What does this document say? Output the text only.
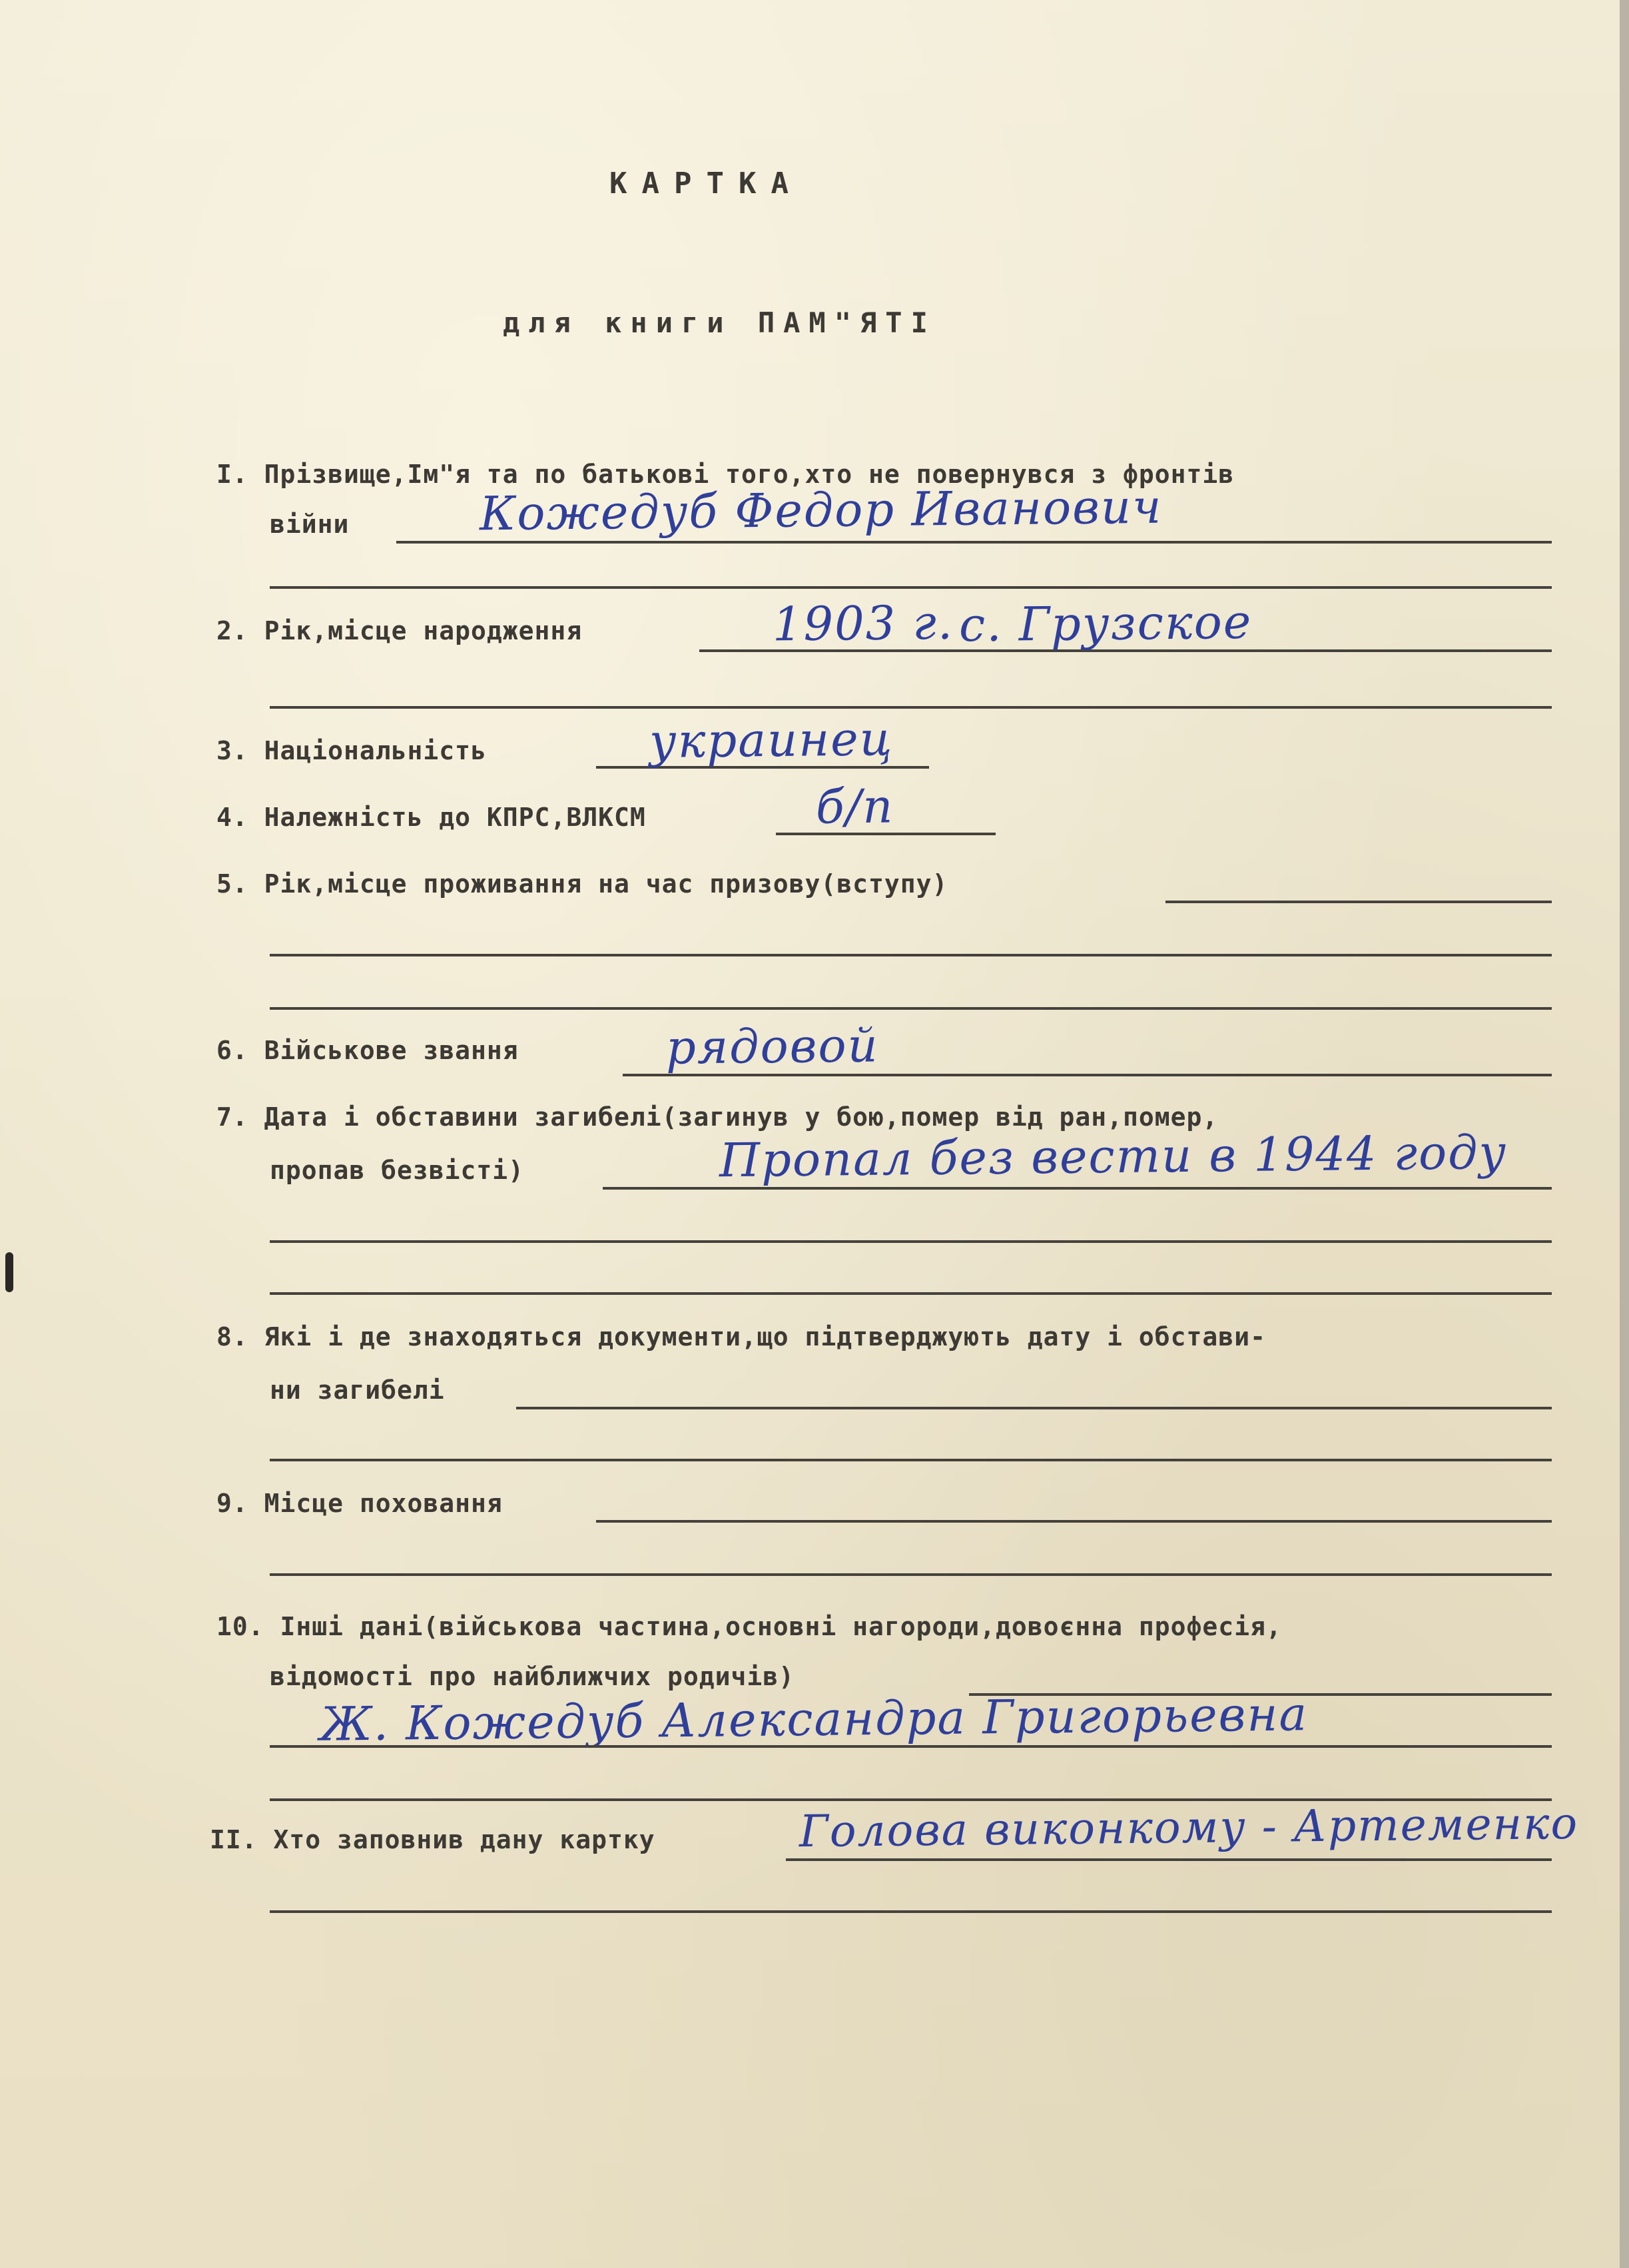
КАРТКА
для книги ПАМ"ЯТІ
І. Прізвище,Ім"я та по батькові того,хто не повернувся з фронтів
війни	Кожедуб Федор Иванович
2. Рік,місце народження	1903 г. с. Грузское
3. Національність	украинец
4. Належність до КПРС,ВЛКСМ	б/п
5. Рік,місце проживання на час призову(вступу)
6. Військове звання	рядовой
7. Дата і обставини загибелі(загинув у бою,помер від ран,помер,
пропав безвісті)	Пропал без вести в 1944 году
8. Які і де знаходяться документи,що підтверджують дату і обстави-
ни загибелі
9. Місце поховання
10. Інші дані(військова частина,основні нагороди,довоєнна професія,
відомості про найближчих родичів)
Ж. Кожедуб Александра Григорьевна
ІІ. Хто заповнив дану картку	Голова виконкому - Артеменко
